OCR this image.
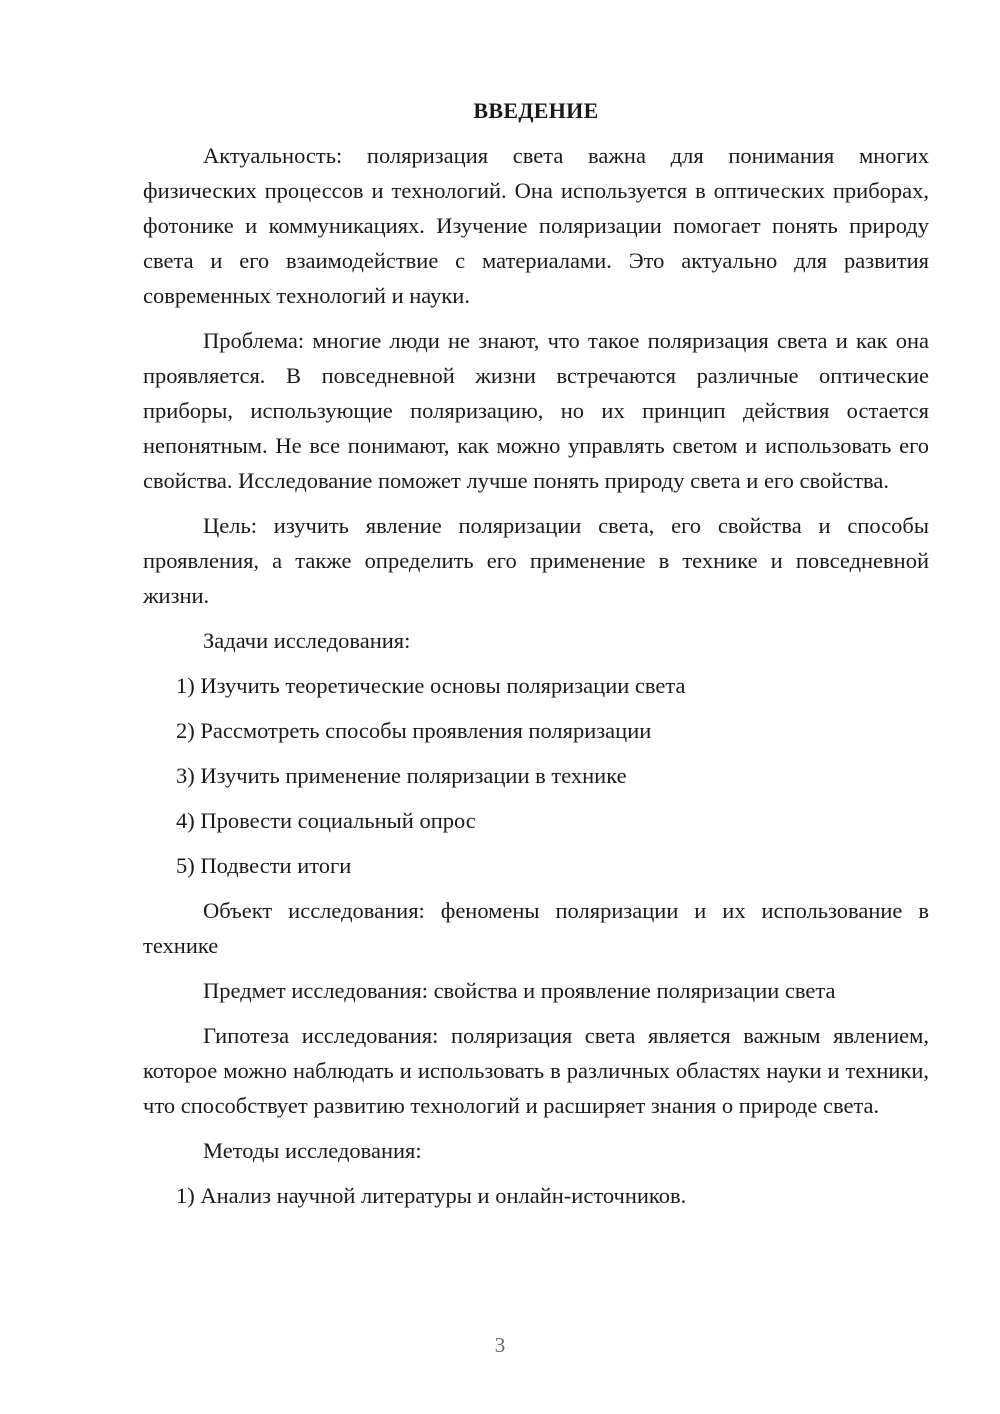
ВВЕДЕНИЕ

Актуальность: поляризация света важна для понимания многих физических процессов и технологий. Она используется в оптических приборах, фотонике и коммуникациях. Изучение поляризации помогает понять природу света и его взаимодействие с материалами. Это актуально для развития современных технологий и науки.

Проблема: многие люди не знают, что такое поляризация света и как она проявляется. В повседневной жизни встречаются различные оптические приборы, использующие поляризацию, но их принцип действия остается непонятным. Не все понимают, как можно управлять светом и использовать его свойства. Исследование поможет лучше понять природу света и его свойства.

Цель: изучить явление поляризации света, его свойства и способы проявления, а также определить его применение в технике и повседневной жизни.

Задачи исследования:

1) Изучить теоретические основы поляризации света
2) Рассмотреть способы проявления поляризации
3) Изучить применение поляризации в технике
4) Провести социальный опрос
5) Подвести итоги

Объект исследования: феномены поляризации и их использование в технике

Предмет исследования: свойства и проявление поляризации света

Гипотеза исследования: поляризация света является важным явлением, которое можно наблюдать и использовать в различных областях науки и техники, что способствует развитию технологий и расширяет знания о природе света.

Методы исследования:

1) Анализ научной литературы и онлайн-источников.
3
